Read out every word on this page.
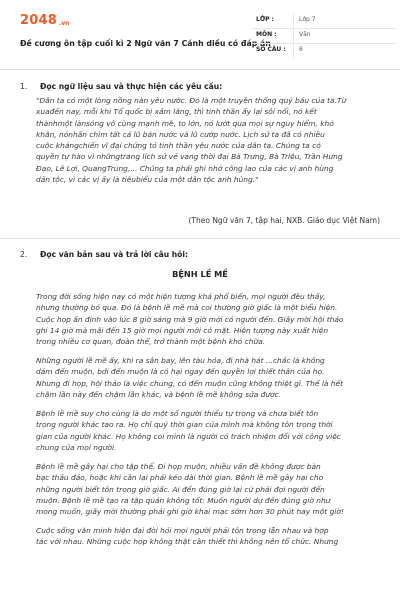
2048 .vn
Đề cương ôn tập cuối kì 2 Ngữ văn 7 Cánh diều có đáp án
LỚP :	Lớp 7
MÔN :	Văn
SỐ CÂU : 6
1. Đọc ngữ liệu sau và thực hiện các yêu cầu:
"Dân ta có một lòng nồng nàn yêu nước. Đó là một truyền thống quý báu của ta.Từ
xuađến nay, mỗi khi Tổ quốc bị xâm lăng, thì tinh thần ấy lại sôi nổi, nó kết
thànhmột lànsóng vô cùng mạnh mẽ, to lớn, nó lướt qua mọi sự nguy hiểm, khó
khăn, nónhấn chìm tất cả lũ bán nước và lũ cướp nước. Lịch sử ta đã có nhiều
cuộc khángchiến vĩ đại chứng tỏ tinh thần yêu nước của dân ta. Chúng ta có
quyền tự hào vì nhữngtrang lịch sử vẻ vang thời đại Bà Trưng, Bà Triệu, Trần Hưng
Đạo, Lê Lợi, QuangTrung,... Chúng ta phải ghi nhớ công lao của các vị anh hùng
dân tộc, vì các vị ấy là tiêubiểu của một dân tộc anh hùng."
(Theo Ngữ văn 7, tập hai, NXB. Giáo dục Việt Nam)
2. Đọc văn bản sau và trả lời câu hỏi:
BỆNH LỀ MỀ
Trong đời sống hiện nay có một hiện tượng khá phổ biến, mọi người đều thấy,
nhưng thường bỏ qua. Đó là bệnh lề mề mà coi thường giờ giấc là một biểu hiện.
Cuộc họp ấn định vào lúc 8 giờ sáng mà 9 giờ mới có người đến. Giấy mời hội thảo
ghi 14 giờ mà mãi đến 15 giờ mọi người mới có mặt. Hiện tượng này xuất hiện
trong nhiều cơ quan, đoàn thể, trở thành một bệnh khó chữa.
Những người lề mề ấy, khi ra sân bay, lên tàu hỏa, đi nhà hát ...chắc là không
dám đến muộn, bởi đến muộn là có hại ngay đến quyền lợi thiết thân của họ.
Nhưng đi họp, hội thảo là việc chung, có đến muộn cũng không thiệt gì. Thế là hết
chậm lần này đến chậm lần khác, và bệnh lề mề không sửa được.
Bệnh lề mề suy cho cùng là do một số người thiếu tự trọng và chưa biết tôn
trọng người khác tạo ra. Họ chỉ quý thời gian của mình mà không tôn trọng thời
gian của người khác. Họ không coi mình là người có trách nhiệm đối với công việc
chung của mọi người.
Bệnh lề mề gây hại cho tập thể. Đi họp muộn, nhiều vấn đề không được bàn
bạc thấu đáo, hoặc khi cần lại phải kéo dài thời gian. Bệnh lề mề gây hại cho
những người biết tôn trọng giờ giấc. Ai đến đúng giờ lại cứ phải đợi người đến
muộn. Bệnh lề mề tạo ra tập quán không tốt: Muốn người dự đến đúng giờ như
mong muốn, giấy mời thường phải ghi giờ khai mạc sớm hơn 30 phút hay một giờ!
Cuộc sống văn minh hiện đại đòi hỏi mọi người phải tôn trọng lẫn nhau và hợp
tác với nhau. Những cuộc họp không thật cần thiết thì không nên tổ chức. Nhưng
